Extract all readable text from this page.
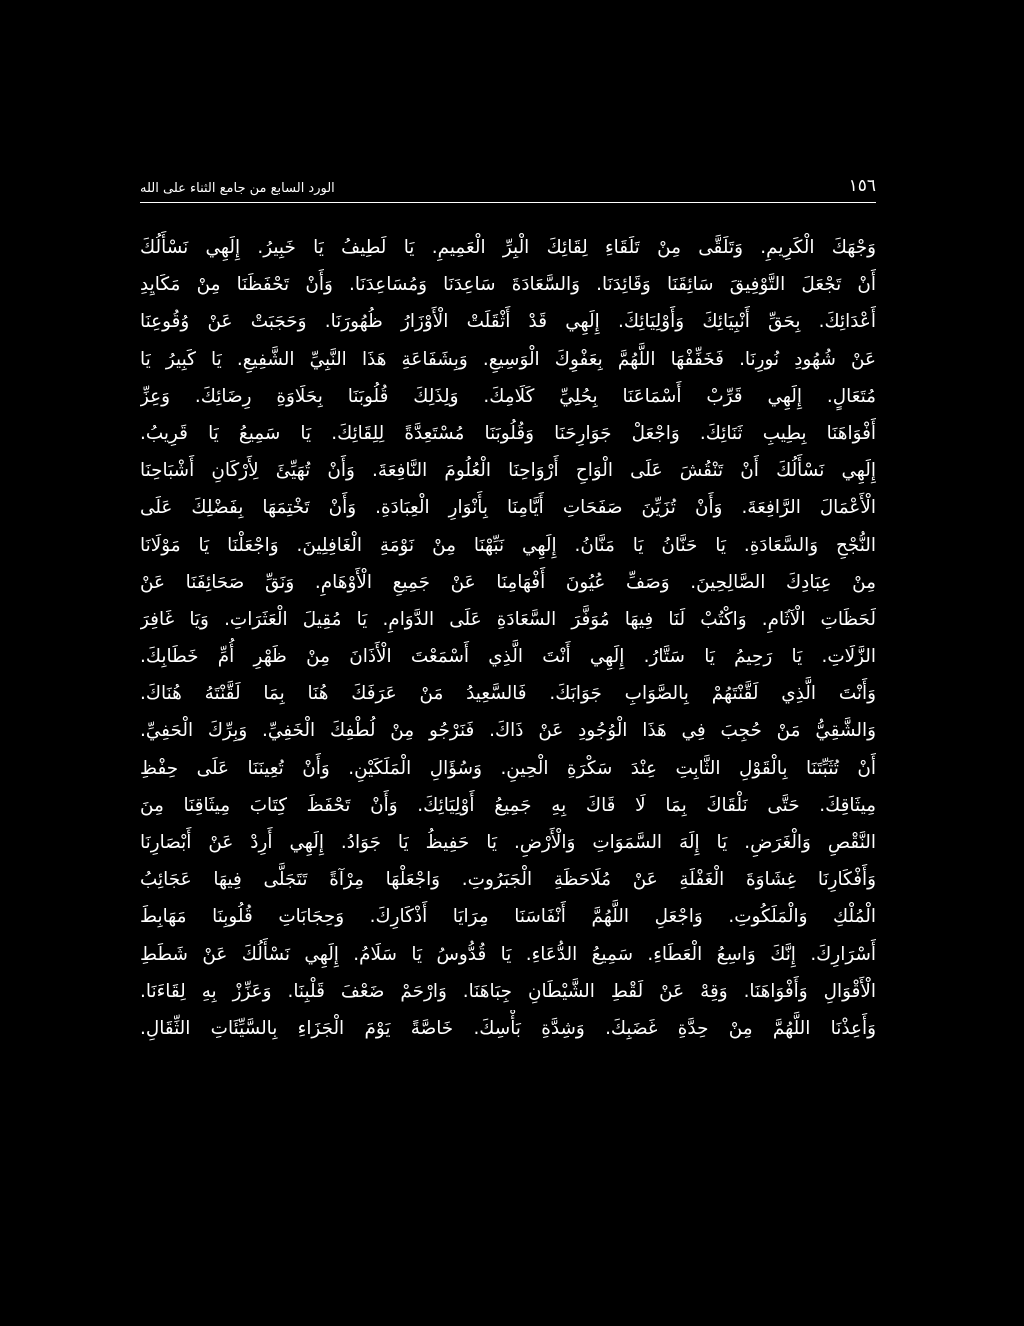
١٥٦
الورد السابع من جامع الثناء على الله
وَجْهَكَ الْكَرِيمِ. وَتَلَقَّى مِنْ تَلَقَاءِ لِقَائِكَ الْبِرِّ الْعَمِيمِ. يَا لَطِيفُ يَا خَبِيرُ. إِلَهِي نَسْأَلُكَ
أَنْ تَجْعَلَ التَّوْفِيقَ سَائِقَنَا وَقَائِدَنَا. وَالسَّعَادَةَ سَاعِدَنَا وَمُسَاعِدَنَا. وَأَنْ تَحْفَظَنَا مِنْ مَكَايِدِ
أَعْدَائِكَ. بِحَقِّ أَنْبِيَائِكَ وَأَوْلِيَائِكَ. إِلَهِي قَدْ أَثْقَلَتْ الْأَوْزَارُ ظُهُورَنَا. وَحَجَبَتْ عَنْ وُقُوعِنَا
عَنْ شُهُودِ نُورِنَا. فَخَفِّفْهَا اللَّهُمَّ بِعَفْوِكَ الْوَسِيعِ. وَبِشَفَاعَةِ هَذَا النَّبِيِّ الشَّفِيعِ. يَا كَبِيرُ يَا
مُتَعَالٍ. إِلَهِي قَرِّبْ أَسْمَاعَنَا بِحُلِيِّ كَلَامِكَ. وَلِذَلِكَ قُلُوبَنَا بِحَلَاوَةِ رِضَائِكَ. وَعِزِّ
أَفْوَاهَنَا بِطِيبِ ثَنَائِكَ. وَاجْعَلْ جَوَارِحَنَا وَقُلُوبَنَا مُسْتَعِدَّةً لِلِقَائِكَ. يَا سَمِيعُ يَا قَرِيبُ.
إِلَهِي نَسْأَلُكَ أَنْ تَنْقُشَ عَلَى الْوَاحِ أَرْوَاحِنَا الْعُلُومَ النَّافِعَةَ. وَأَنْ تُهَيِّئَ لِأَرْكَانِ أَشْبَاحِنَا
الْأَعْمَالَ الرَّافِعَةَ. وَأَنْ تُزَيِّنَ صَفَحَاتِ أَيَّامِنَا بِأَنْوَارِ الْعِبَادَةِ. وَأَنْ تَخْتِمَهَا بِفَضْلِكَ عَلَى
النُّجْحِ وَالسَّعَادَةِ. يَا حَنَّانُ يَا مَنَّانُ. إِلَهِي نَبِّهْنَا مِنْ نَوْمَةِ الْغَافِلِينَ. وَاجْعَلْنَا يَا مَوْلَانَا
مِنْ عِبَادِكَ الصَّالِحِينَ. وَصَفِّ عُيُونَ أَفْهَامِنَا عَنْ جَمِيعِ الْأَوْهَامِ. وَنَقِّ صَحَائِفَنَا عَنْ
لَحَظَاتِ الْآثَامِ. وَاكْتُبْ لَنَا فِيهَا مُوَفَّرَ السَّعَادَةِ عَلَى الدَّوَامِ. يَا مُقِيلَ الْعَثَرَاتِ. وَيَا غَافِرَ
الزَّلَاتِ. يَا رَحِيمُ يَا سَتَّارُ. إِلَهِي أَنْتَ الَّذِي أَسْمَعْتَ الْأَذَانَ مِنْ ظَهْرِ أُمِّ خَطَابِكَ.
وَأَنْتَ الَّذِي لَقَّنْتَهُمْ بِالصَّوَابِ جَوَابَكَ. فَالسَّعِيدُ مَنْ عَرَفَكَ هُنَا بِمَا لَقَّنْتَهُ هُنَاكَ.
وَالشَّقِيُّ مَنْ حُجِبَ فِي هَذَا الْوُجُودِ عَنْ ذَاكَ. فَنَرْجُو مِنْ لُطْفِكَ الْخَفِيِّ. وَبِرِّكَ الْحَفِيِّ.
أَنْ تُثَبِّتَنَا بِالْقَوْلِ الثَّابِتِ عِنْدَ سَكْرَةِ الْحِينِ. وَسُؤَالِ الْمَلَكَيْنِ. وَأَنْ تُعِينَنَا عَلَى حِفْظِ
مِيثَاقِكَ. حَتَّى نَلْقَاكَ بِمَا لَا قَاكَ بِهِ جَمِيعُ أَوْلِيَائِكَ. وَأَنْ تَحْفَظَ كِتَابَ مِيثَاقِنَا مِنَ
النَّقْصِ وَالْغَرَضِ. يَا إِلَهَ السَّمَوَاتِ وَالْأَرْضِ. يَا حَفِيظُ يَا جَوَادُ. إِلَهِي أَرِدْ عَنْ أَبْصَارِنَا
وَأَفْكَارِنَا غِشَاوَةَ الْغَفْلَةِ عَنْ مُلَاحَظَةِ الْجَبَرُوتِ. وَاجْعَلْهَا مِرْآةً تَتَجَلَّى فِيهَا عَجَائِبُ
الْمُلْكِ وَالْمَلَكُوتِ. وَاجْعَلِ اللَّهُمَّ أَنْفَاسَنَا مِرَايَا أَذْكَارِكَ. وَحِجَابَاتِ قُلُوبِنَا مَهَابِطَ
أَسْرَارِكَ. إِنَّكَ وَاسِعُ الْعَطَاءِ. سَمِيعُ الدُّعَاءِ. يَا قُدُّوسُ يَا سَلَامُ. إِلَهِي نَسْأَلُكَ عَنْ شَطَطِ
الْأَقْوَالِ وَأَفْوَاهَنَا. وَقِهْ عَنْ لَقْطِ الشَّيْطَانِ جِبَاهَنَا. وَارْحَمْ ضَعْفَ قَلْبِنَا. وَعَزِّزْ بِهِ لِقَاءَنَا.
وَأَعِذْنَا اللَّهُمَّ مِنْ حِدَّةِ غَضَبِكَ. وَشِدَّةِ بَأْسِكَ. خَاصَّةً يَوْمَ الْجَزَاءِ بِالسَّيِّئَاتِ الثِّقَالِ.
